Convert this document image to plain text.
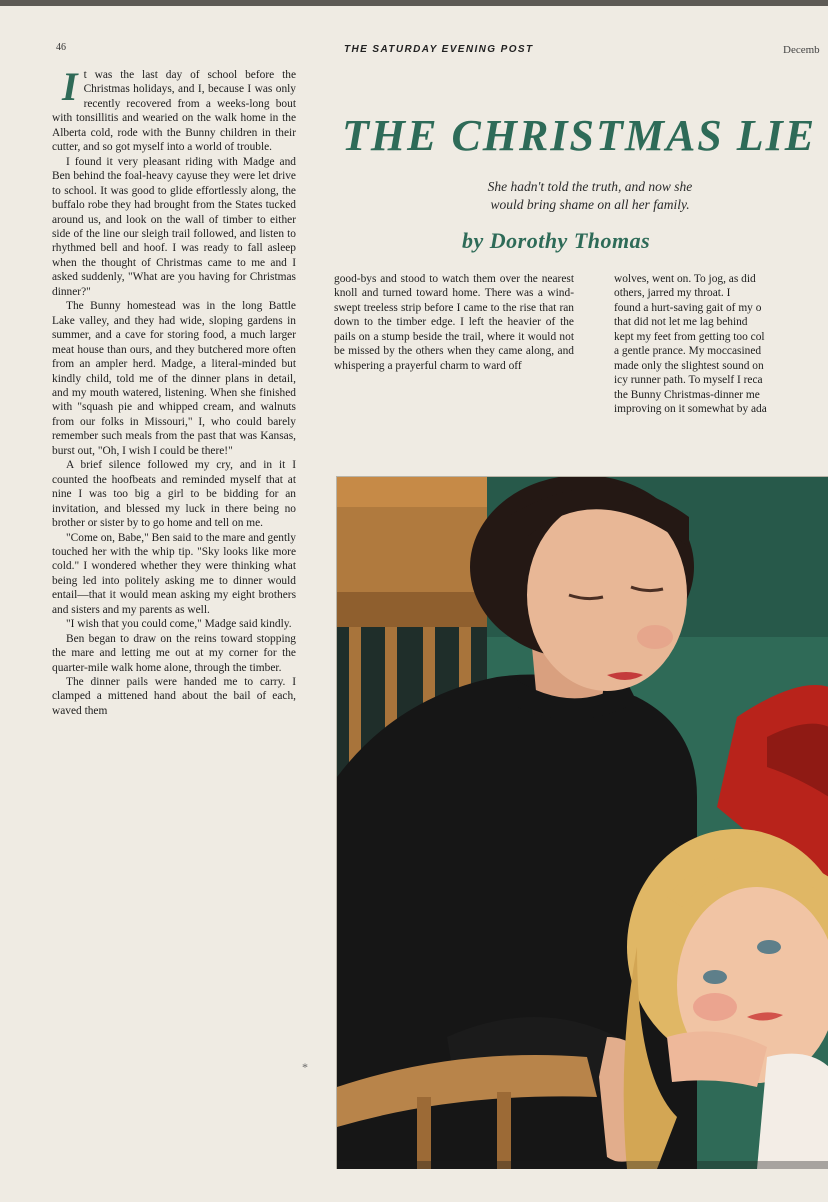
46	THE SATURDAY EVENING POST	Decemb

It was the last day of school before the Christmas holidays, and I, because I was only recently recovered from a weeks-long bout with tonsillitis and wearied on the walk home in the Alberta cold, rode with the Bunny children in their cutter, and so got myself into a world of trouble.

I found it very pleasant riding with Madge and Ben behind the foal-heavy cayuse they were let drive to school. It was good to glide effortlessly along, the buffalo robe they had brought from the States tucked around us, and look on the wall of timber to either side of the line our sleigh trail followed, and listen to rhythmed bell and hoof. I was ready to fall asleep when the thought of Christmas came to me and I asked suddenly, "What are you having for Christmas dinner?"

The Bunny homestead was in the long Battle Lake valley, and they had wide, sloping gardens in summer, and a cave for storing food, a much larger meat house than ours, and they butchered more often from an ampler herd. Madge, a literal-minded but kindly child, told me of the dinner plans in detail, and my mouth watered, listening. When she finished with "squash pie and whipped cream, and walnuts from our folks in Missouri," I, who could barely remember such meals from the past that was Kansas, burst out, "Oh, I wish I could be there!"

A brief silence followed my cry, and in it I counted the hoofbeats and reminded myself that at nine I was too big a girl to be bidding for an invitation, and blessed my luck in there being no brother or sister by to go home and tell on me.

"Come on, Babe," Ben said to the mare and gently touched her with the whip tip. "Sky looks like more cold." I wondered whether they were thinking what being led into politely asking me to dinner would entail—that it would mean asking my eight brothers and sisters and my parents as well.

"I wish that you could come," Madge said kindly.

Ben began to draw on the reins toward stopping the mare and letting me out at my corner for the quarter-mile walk home alone, through the timber.

The dinner pails were handed me to carry. I clamped a mittened hand about the bail of each, waved them

THE CHRISTMAS LIE
She hadn't told the truth, and now she
would bring shame on all her family.
by Dorothy Thomas

good-bys and stood to watch them over the nearest knoll and turned toward home. There was a wind-swept treeless strip before I came to the rise that ran down to the timber edge. I left the heavier of the pails on a stump beside the trail, where it would not be missed by the others when they came along, and whispering a prayerful charm to ward off

wolves, went on. To jog, as did

others, jarred my throat. I

found a hurt-saving gait of my o

that did not let me lag behind

kept my feet from getting too col

a gentle prance. My moccasined

made only the slightest sound on

icy runner path. To myself I reca

the Bunny Christmas-dinner me

improving on it somewhat by ada

*
